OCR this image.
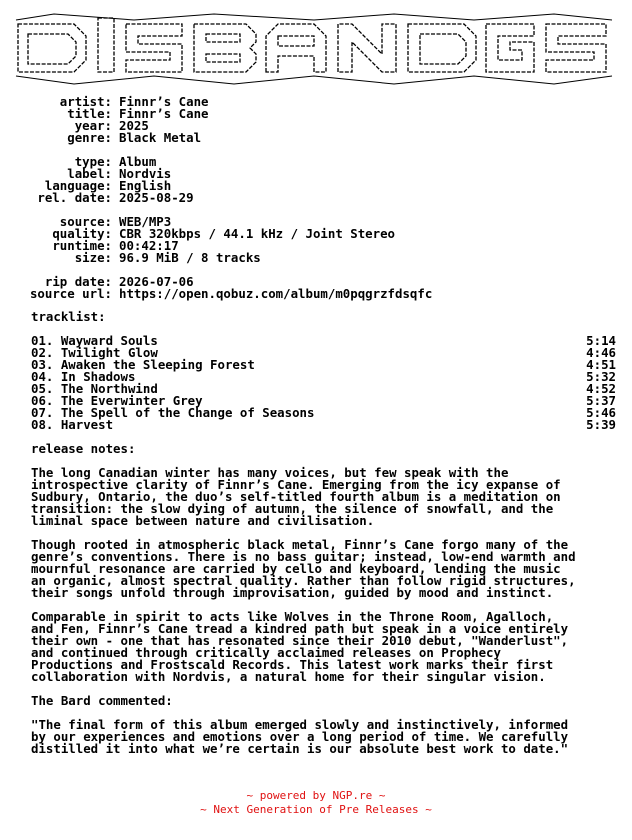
artist: Finnr’s Cane
title: Finnr’s Cane
year: 2025
genre: Black Metal
type: Album
label: Nordvis
language: English
rel. date: 2025-08-29
source: WEB/MP3
quality: CBR 320kbps / 44.1 kHz / Joint Stereo
runtime: 00:42:17
size: 96.9 MiB / 8 tracks
rip date: 2026-07-06
source url: https://open.qobuz.com/album/m0pqgrzfdsqfc
tracklist:
01. Wayward Souls	5:14
02. Twilight Glow	4:46
03. Awaken the Sleeping Forest	4:51
04. In Shadows	5:32
05. The Northwind	4:52
06. The Everwinter Grey	5:37
07. The Spell of the Change of Seasons	5:46
08. Harvest	5:39
release notes:
The long Canadian winter has many voices, but few speak with the
introspective clarity of Finnr’s Cane. Emerging from the icy expanse of
Sudbury, Ontario, the duo’s self-titled fourth album is a meditation on
transition: the slow dying of autumn, the silence of snowfall, and the
liminal space between nature and civilisation.
Though rooted in atmospheric black metal, Finnr’s Cane forgo many of the
genre’s conventions. There is no bass guitar; instead, low-end warmth and
mournful resonance are carried by cello and keyboard, lending the music
an organic, almost spectral quality. Rather than follow rigid structures,
their songs unfold through improvisation, guided by mood and instinct.
Comparable in spirit to acts like Wolves in the Throne Room, Agalloch,
and Fen, Finnr’s Cane tread a kindred path but speak in a voice entirely
their own - one that has resonated since their 2010 debut, "Wanderlust",
and continued through critically acclaimed releases on Prophecy
Productions and Frostscald Records. This latest work marks their first
collaboration with Nordvis, a natural home for their singular vision.
The Bard commented:
"The final form of this album emerged slowly and instinctively, informed
by our experiences and emotions over a long period of time. We carefully
distilled it into what we’re certain is our absolute best work to date."
~ powered by NGP.re ~
~ Next Generation of Pre Releases ~
